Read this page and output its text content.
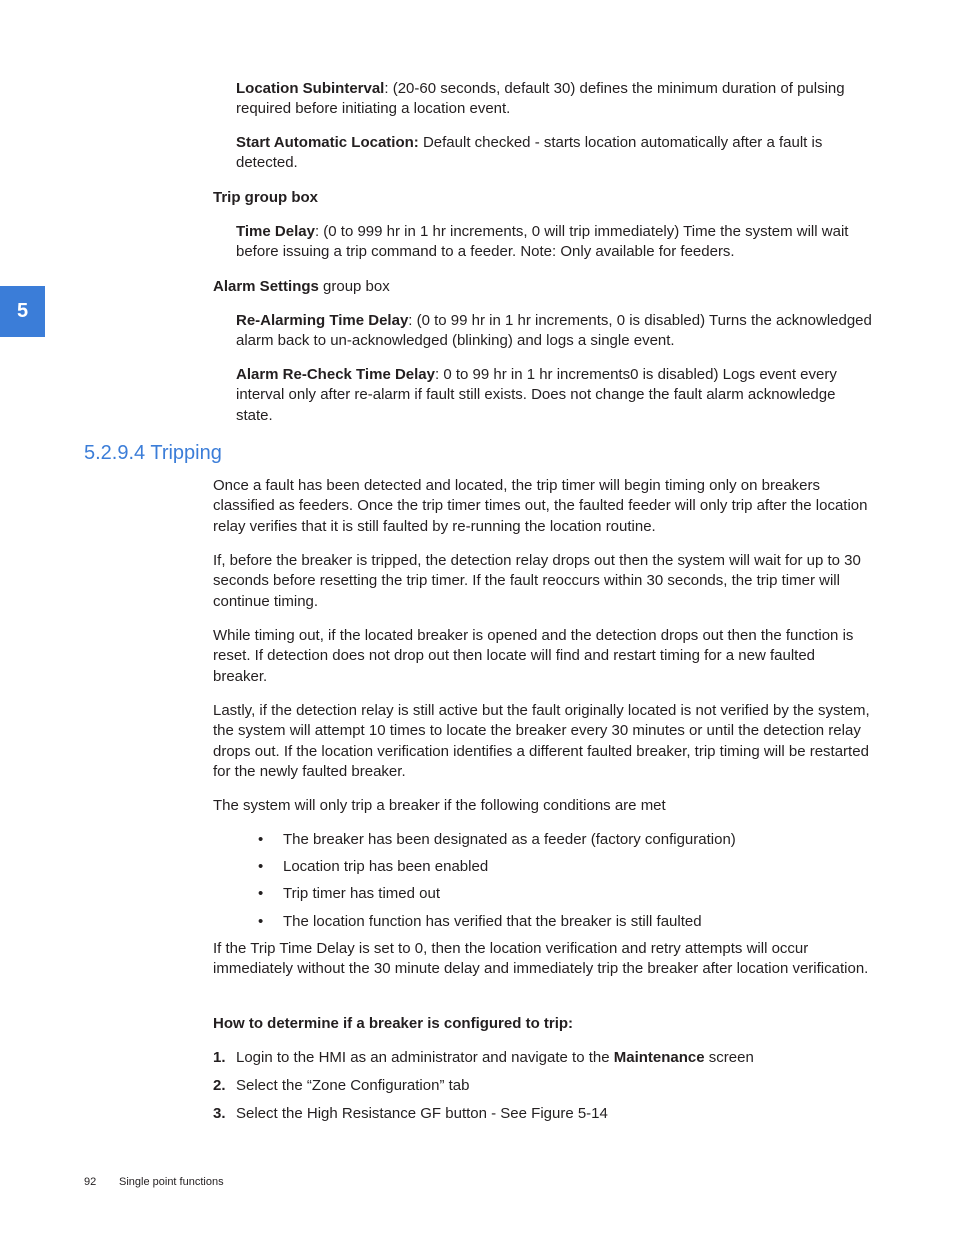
5

Location Subinterval: (20-60 seconds, default 30) defines the minimum duration of pulsing required before initiating a location event.

Start Automatic Location: Default checked - starts location automatically after a fault is detected.

Trip group box

Time Delay: (0 to 999 hr in 1 hr increments, 0 will trip immediately) Time the system will wait before issuing a trip command to a feeder. Note: Only available for feeders.

Alarm Settings group box

Re-Alarming Time Delay: (0 to 99 hr in 1 hr increments, 0 is disabled) Turns the acknowledged alarm back to un-acknowledged (blinking) and logs a single event.

Alarm Re-Check Time Delay: 0 to 99 hr in 1 hr increments0 is disabled) Logs event every interval only after re-alarm if fault still exists. Does not change the fault alarm acknowledge state.

5.2.9.4 Tripping

Once a fault has been detected and located, the trip timer will begin timing only on breakers classified as feeders. Once the trip timer times out, the faulted feeder will only trip after the location relay verifies that it is still faulted by re-running the location routine.

If, before the breaker is tripped, the detection relay drops out then the system will wait for up to 30 seconds before resetting the trip timer. If the fault reoccurs within 30 seconds, the trip timer will continue timing.

While timing out, if the located breaker is opened and the detection drops out then the function is reset. If detection does not drop out then locate will find and restart timing for a new faulted breaker.

Lastly, if the detection relay is still active but the fault originally located is not verified by the system, the system will attempt 10 times to locate the breaker every 30 minutes or until the detection relay drops out. If the location verification identifies a different faulted breaker, trip timing will be restarted for the newly faulted breaker.

The system will only trip a breaker if the following conditions are met

• The breaker has been designated as a feeder (factory configuration)
• Location trip has been enabled
• Trip timer has timed out
• The location function has verified that the breaker is still faulted

If the Trip Time Delay is set to 0, then the location verification and retry attempts will occur immediately without the 30 minute delay and immediately trip the breaker after location verification.

How to determine if a breaker is configured to trip:

1. Login to the HMI as an administrator and navigate to the Maintenance screen
2. Select the “Zone Configuration” tab
3. Select the High Resistance GF button - See Figure 5-14
92 Single point functions
